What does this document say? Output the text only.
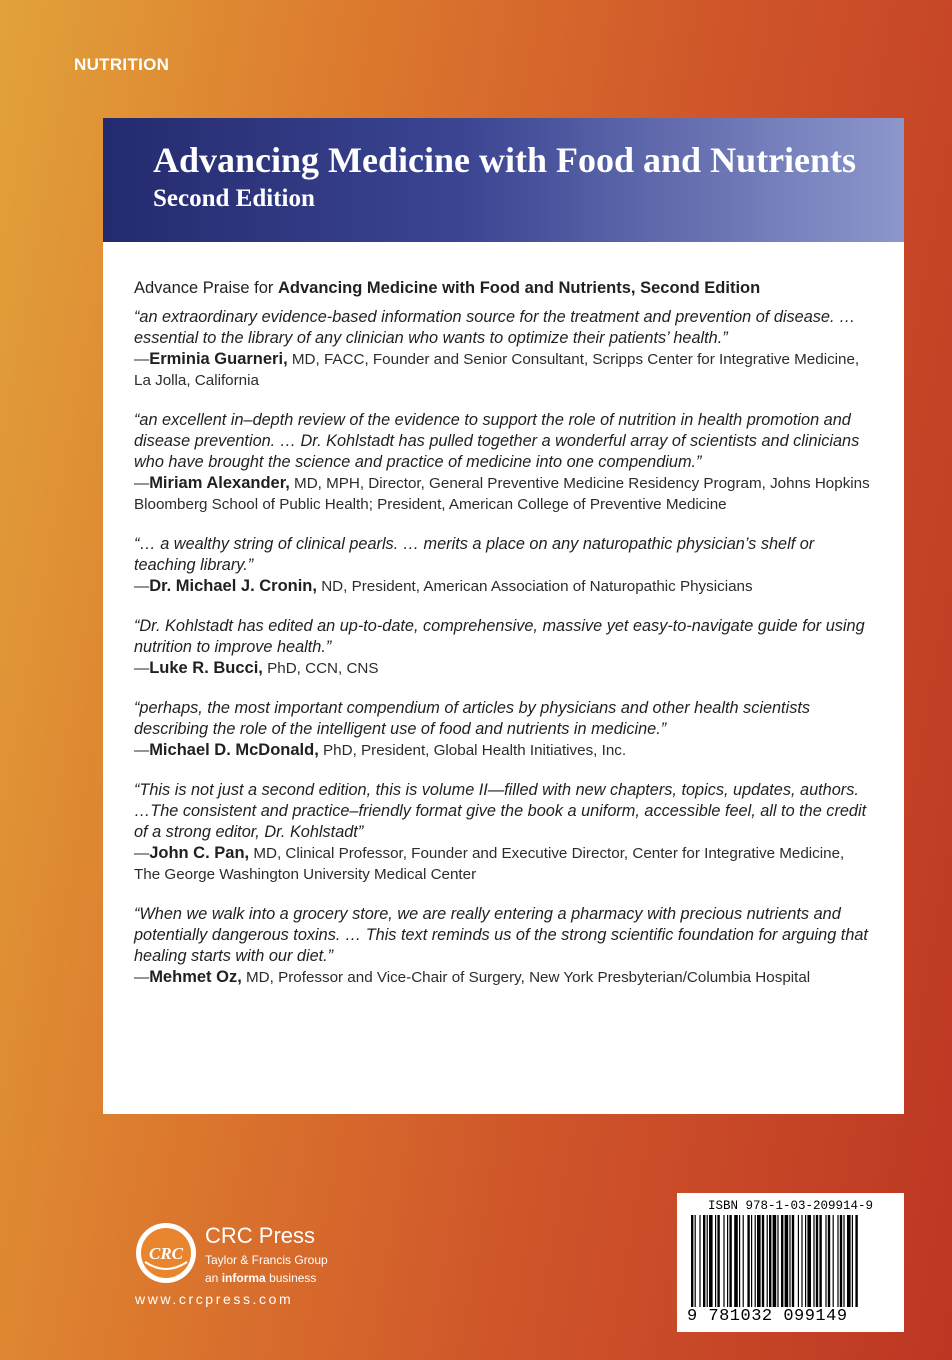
NUTRITION
Advancing Medicine with Food and Nutrients
Second Edition
Advance Praise for Advancing Medicine with Food and Nutrients, Second Edition
“an extraordinary evidence-based information source for the treatment and prevention of disease. … essential to the library of any clinician who wants to optimize their patients’ health.”
—Erminia Guarneri, MD, FACC, Founder and Senior Consultant, Scripps Center for Integrative Medicine, La Jolla, California
“an excellent in–depth review of the evidence to support the role of nutrition in health promotion and disease prevention. … Dr. Kohlstadt has pulled together a wonderful array of scientists and clinicians who have brought the science and practice of medicine into one compendium.”
—Miriam Alexander, MD, MPH, Director, General Preventive Medicine Residency Program, Johns Hopkins Bloomberg School of Public Health; President, American College of Preventive Medicine
“… a wealthy string of clinical pearls. … merits a place on any naturopathic physician’s shelf or teaching library.”
—Dr. Michael J. Cronin, ND, President, American Association of Naturopathic Physicians
“Dr. Kohlstadt has edited an up-to-date, comprehensive, massive yet easy-to-navigate guide for using nutrition to improve health.”
—Luke R. Bucci, PhD, CCN, CNS
“perhaps, the most important compendium of articles by physicians and other health scientists describing the role of the intelligent use of food and nutrients in medicine.”
—Michael D. McDonald, PhD, President, Global Health Initiatives, Inc.
“This is not just a second edition, this is volume II—filled with new chapters, topics, updates, authors. …The consistent and practice–friendly format give the book a uniform, accessible feel, all to the credit of a strong editor, Dr. Kohlstadt”
—John C. Pan, MD, Clinical Professor, Founder and Executive Director, Center for Integrative Medicine, The George Washington University Medical Center
“When we walk into a grocery store, we are really entering a pharmacy with precious nutrients and potentially dangerous toxins. … This text reminds us of the strong scientific foundation for arguing that healing starts with our diet.”
—Mehmet Oz, MD, Professor and Vice-Chair of Surgery, New York Presbyterian/Columbia Hospital
CRC
CRC Press
Taylor & Francis Group
an informa business
www.crcpress.com
ISBN 978-1-03-209914-9
9 781032 099149
